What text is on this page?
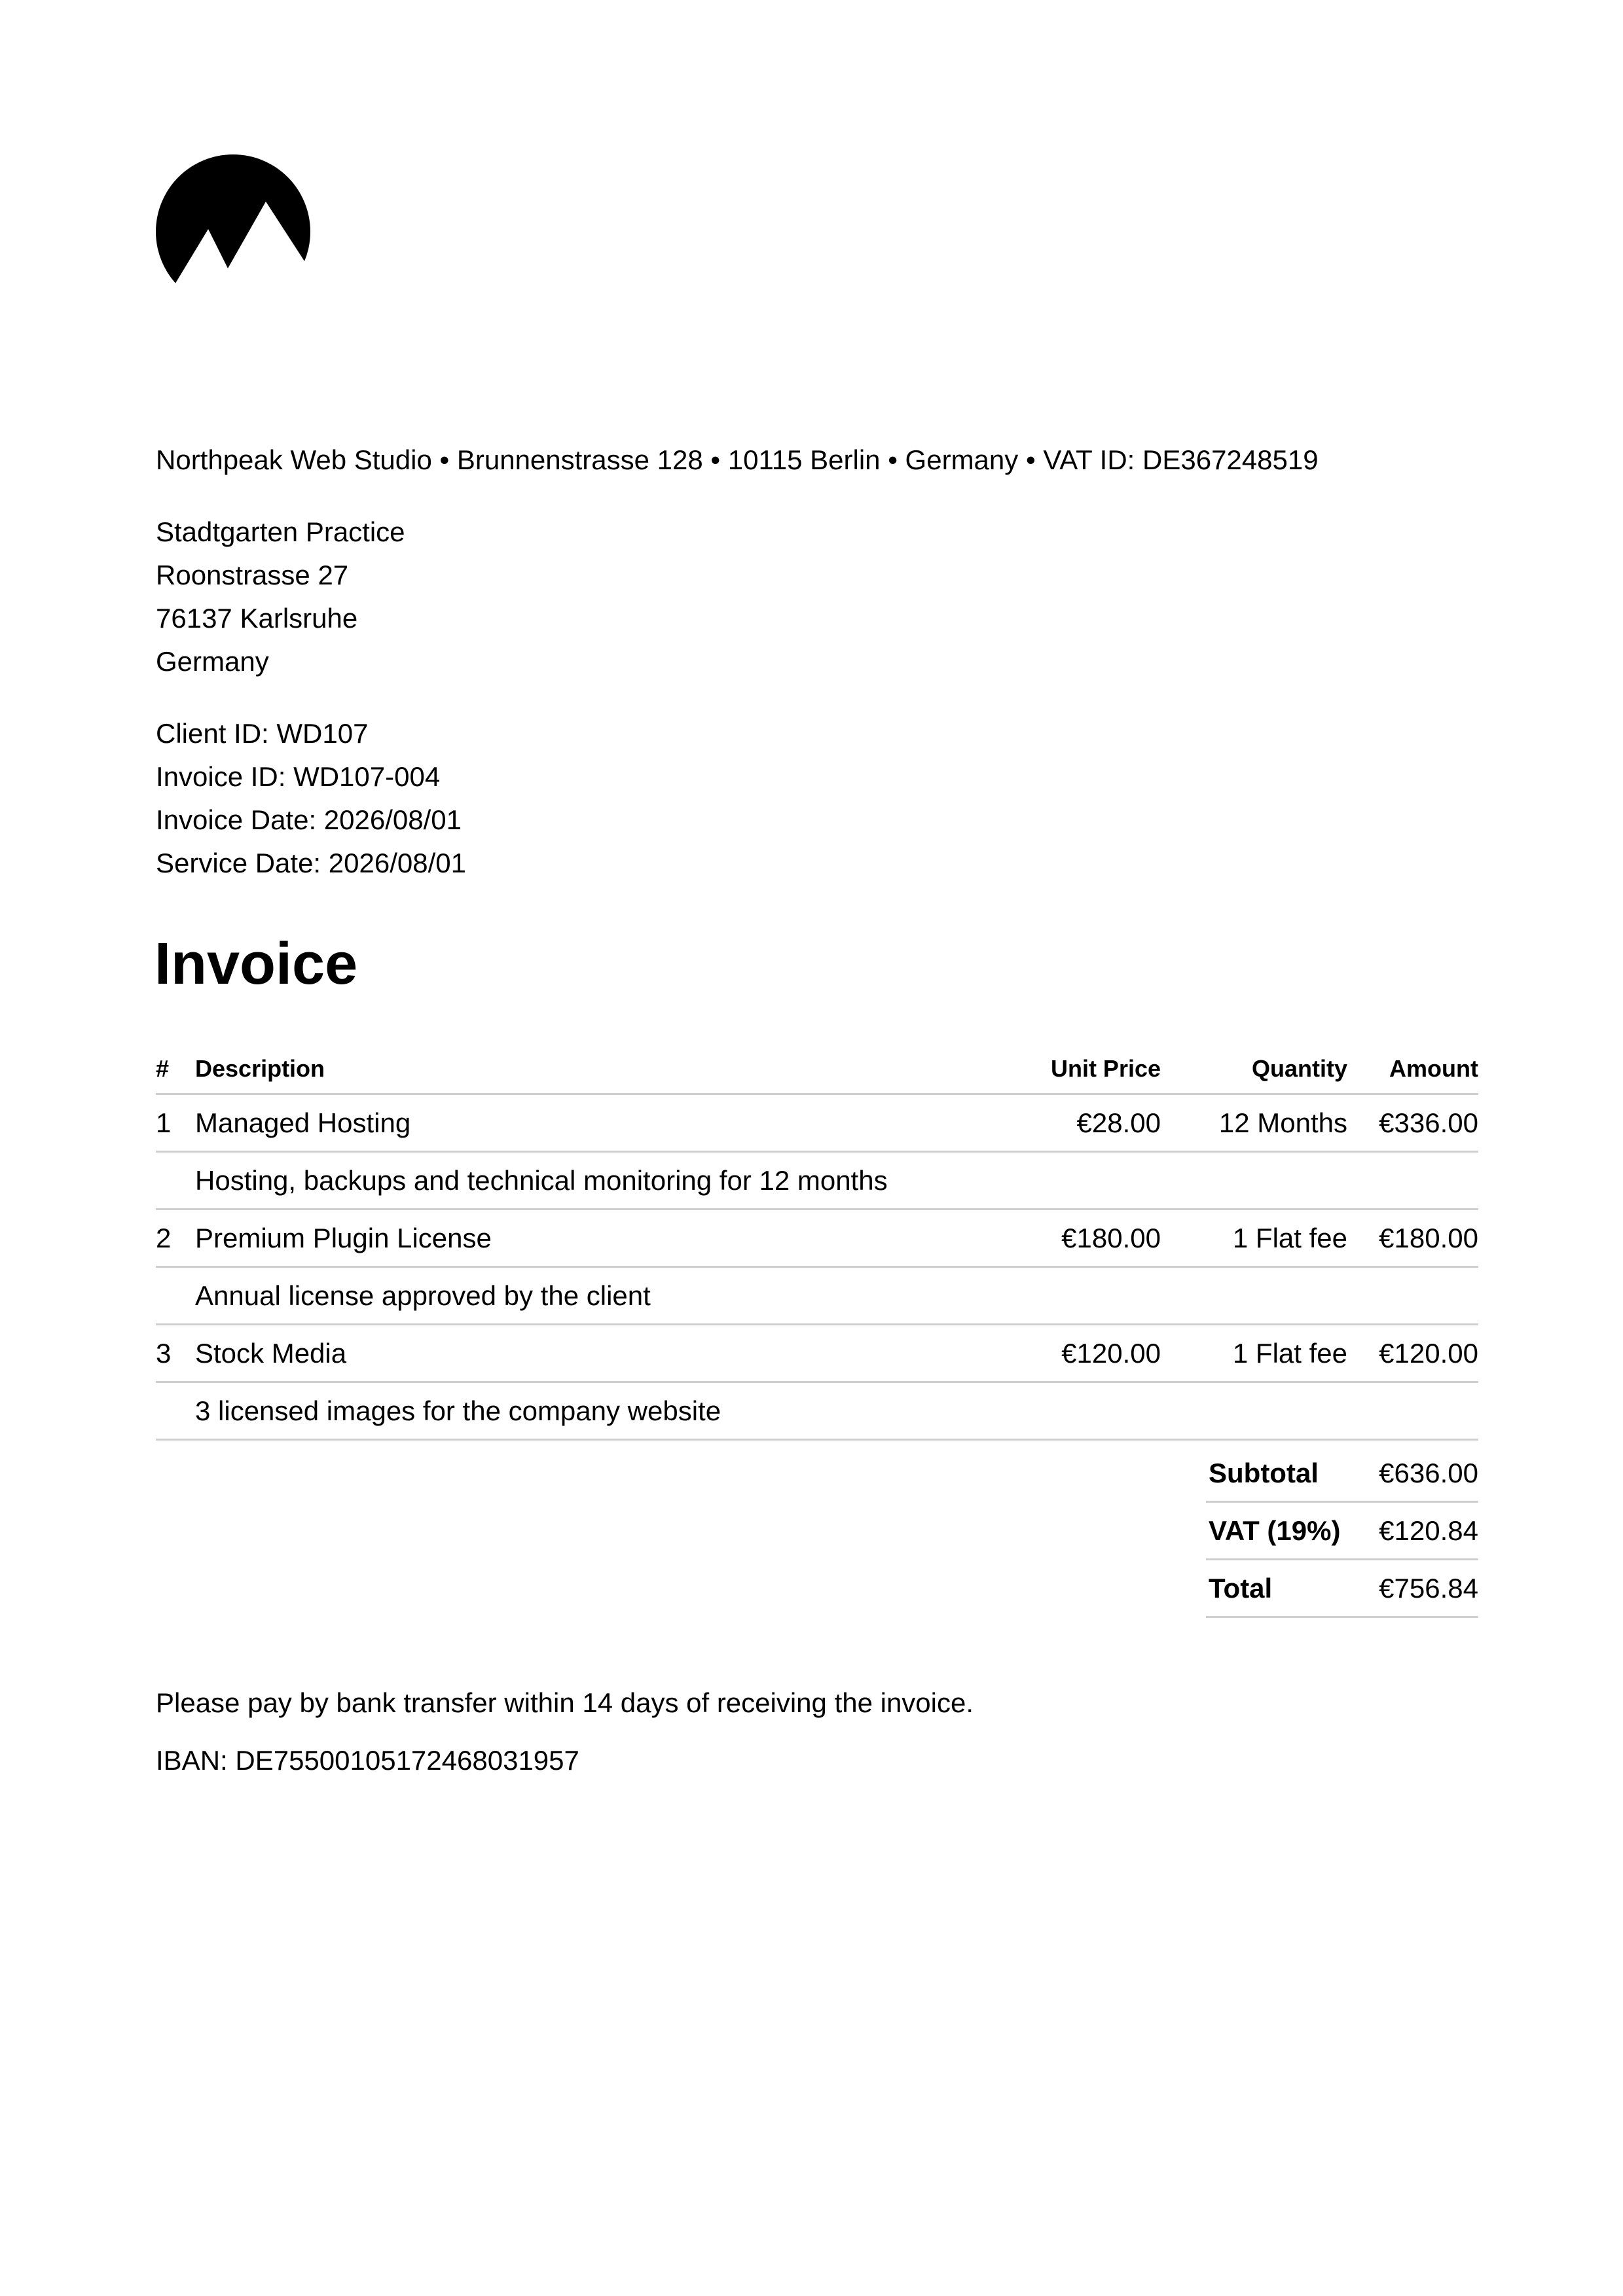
Northpeak Web Studio • Brunnenstrasse 128 • 10115 Berlin • Germany • VAT ID: DE367248519
Stadtgarten Practice
Roonstrasse 27
76137 Karlsruhe
Germany
Client ID: WD107
Invoice ID: WD107-004
Invoice Date: 2026/08/01
Service Date: 2026/08/01
Invoice
#	Description	Unit Price	Quantity	Amount
1	Managed Hosting	€28.00	12 Months	€336.00
	Hosting, backups and technical monitoring for 12 months			
2	Premium Plugin License	€180.00	1 Flat fee	€180.00
	Annual license approved by the client			
3	Stock Media	€120.00	1 Flat fee	€120.00
	3 licensed images for the company website			
Subtotal	€636.00
VAT (19%)	€120.84
Total	€756.84
Please pay by bank transfer within 14 days of receiving the invoice.
IBAN: DE75500105172468031957
